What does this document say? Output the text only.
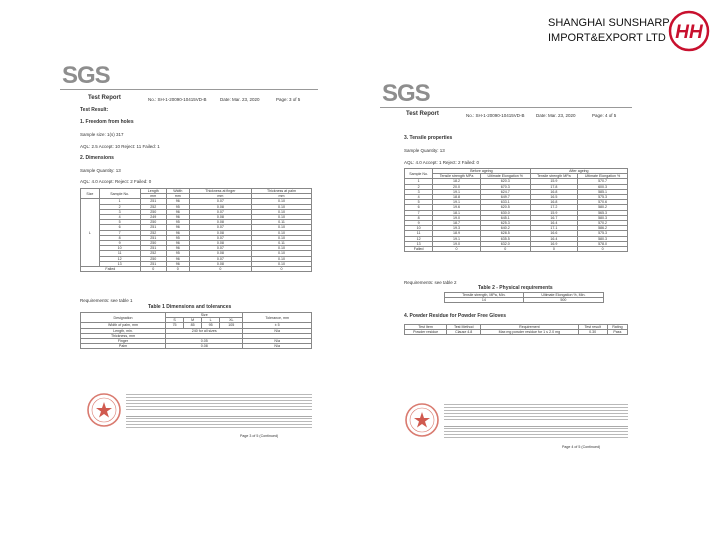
SHANGHAI SUNSHARP
IMPORT&EXPORT LTD HH
SGS
Test Report	No.: SH-1-20090-10415VD-B	Date: Mar. 23, 2020	Page: 3 of 5
Test Result:
1. Freedom from holes
Sample size: 1(s) 317
AQL: 2.5 Accept: 10 Reject: 11 Failed: 1
2. Dimensions
Sample Quantity: 13
AQL: 4.0 Accept: Reject: 2 Failed: 0
Size	Sample No.	Length	Width	Thickness at finger	Thickness at palm
		mm	mm	mm	mm
L	1	251	96	0.07	0.10
	2	252	95	0.08	0.10
	3	250	96	0.07	0.10
	4	249	96	0.08	0.10
	5	250	95	0.08	0.11
	6	251	96	0.07	0.10
	7	252	96	0.08	0.10
	8	251	95	0.07	0.10
	9	250	96	0.08	0.11
	10	251	96	0.07	0.10
	11	252	95	0.08	0.10
	12	250	96	0.07	0.10
	13	251	96	0.08	0.10
Failed		0	0	0	0
Requirements: see table 1
Table 1 Dimensions and tolerances
Designation	Size				Tolerance, mm
	S	M	L	XL	
Width of palm, mm	75	85	95	105	± 5
Length, min.	240 for all sizes				N/a
Thickness, mm					
Finger	0.05				N/a
Palm	0.08				N/a
Page 3 of 5 (Continued)
SGS
Test Report	No.: SH-1-20090-10415VD-B	Date: Mar. 23, 2020	Page: 4 of 5
3. Tensile properties
Sample Quantity: 13
AQL: 4.0 Accept: 1 Reject: 2 Failed: 0
Sample No.	Before ageing		After ageing	
	Tensile strength MPa	Ultimate Elongation %	Tensile strength MPa	Ultimate Elongation %
1	18.2	620.3	15.9	570.7
2	20.0	670.3	17.8	600.3
3	19.1	624.7	16.8	585.1
4	18.8	649.7	16.5	575.3
5	19.1	633.1	16.8	570.6
6	19.6	620.5	17.2	580.2
7	18.1	630.0	15.9	565.3
8	19.0	645.1	16.7	580.3
9	18.7	625.3	16.4	570.2
10	19.3	640.2	17.1	586.2
11	18.9	628.5	16.6	575.3
12	19.1	635.5	16.4	580.3
13	19.0	632.0	16.9	578.0
Failed	0	0	0	0
Requirements: see table 2
Table 2 - Physical requirements
Tensile strength, MPa, Min.	Ultimate Elongation %, Min.
14	500
4. Powder Residue for Powder Free Gloves
Test Item	Test Method	Requirement	Test result	Rating
Powder residue	Clause 4.8	Max mg powder residue for 1 ≤ 2.0 mg	0.30	Pass
Page 4 of 5 (Continued)
